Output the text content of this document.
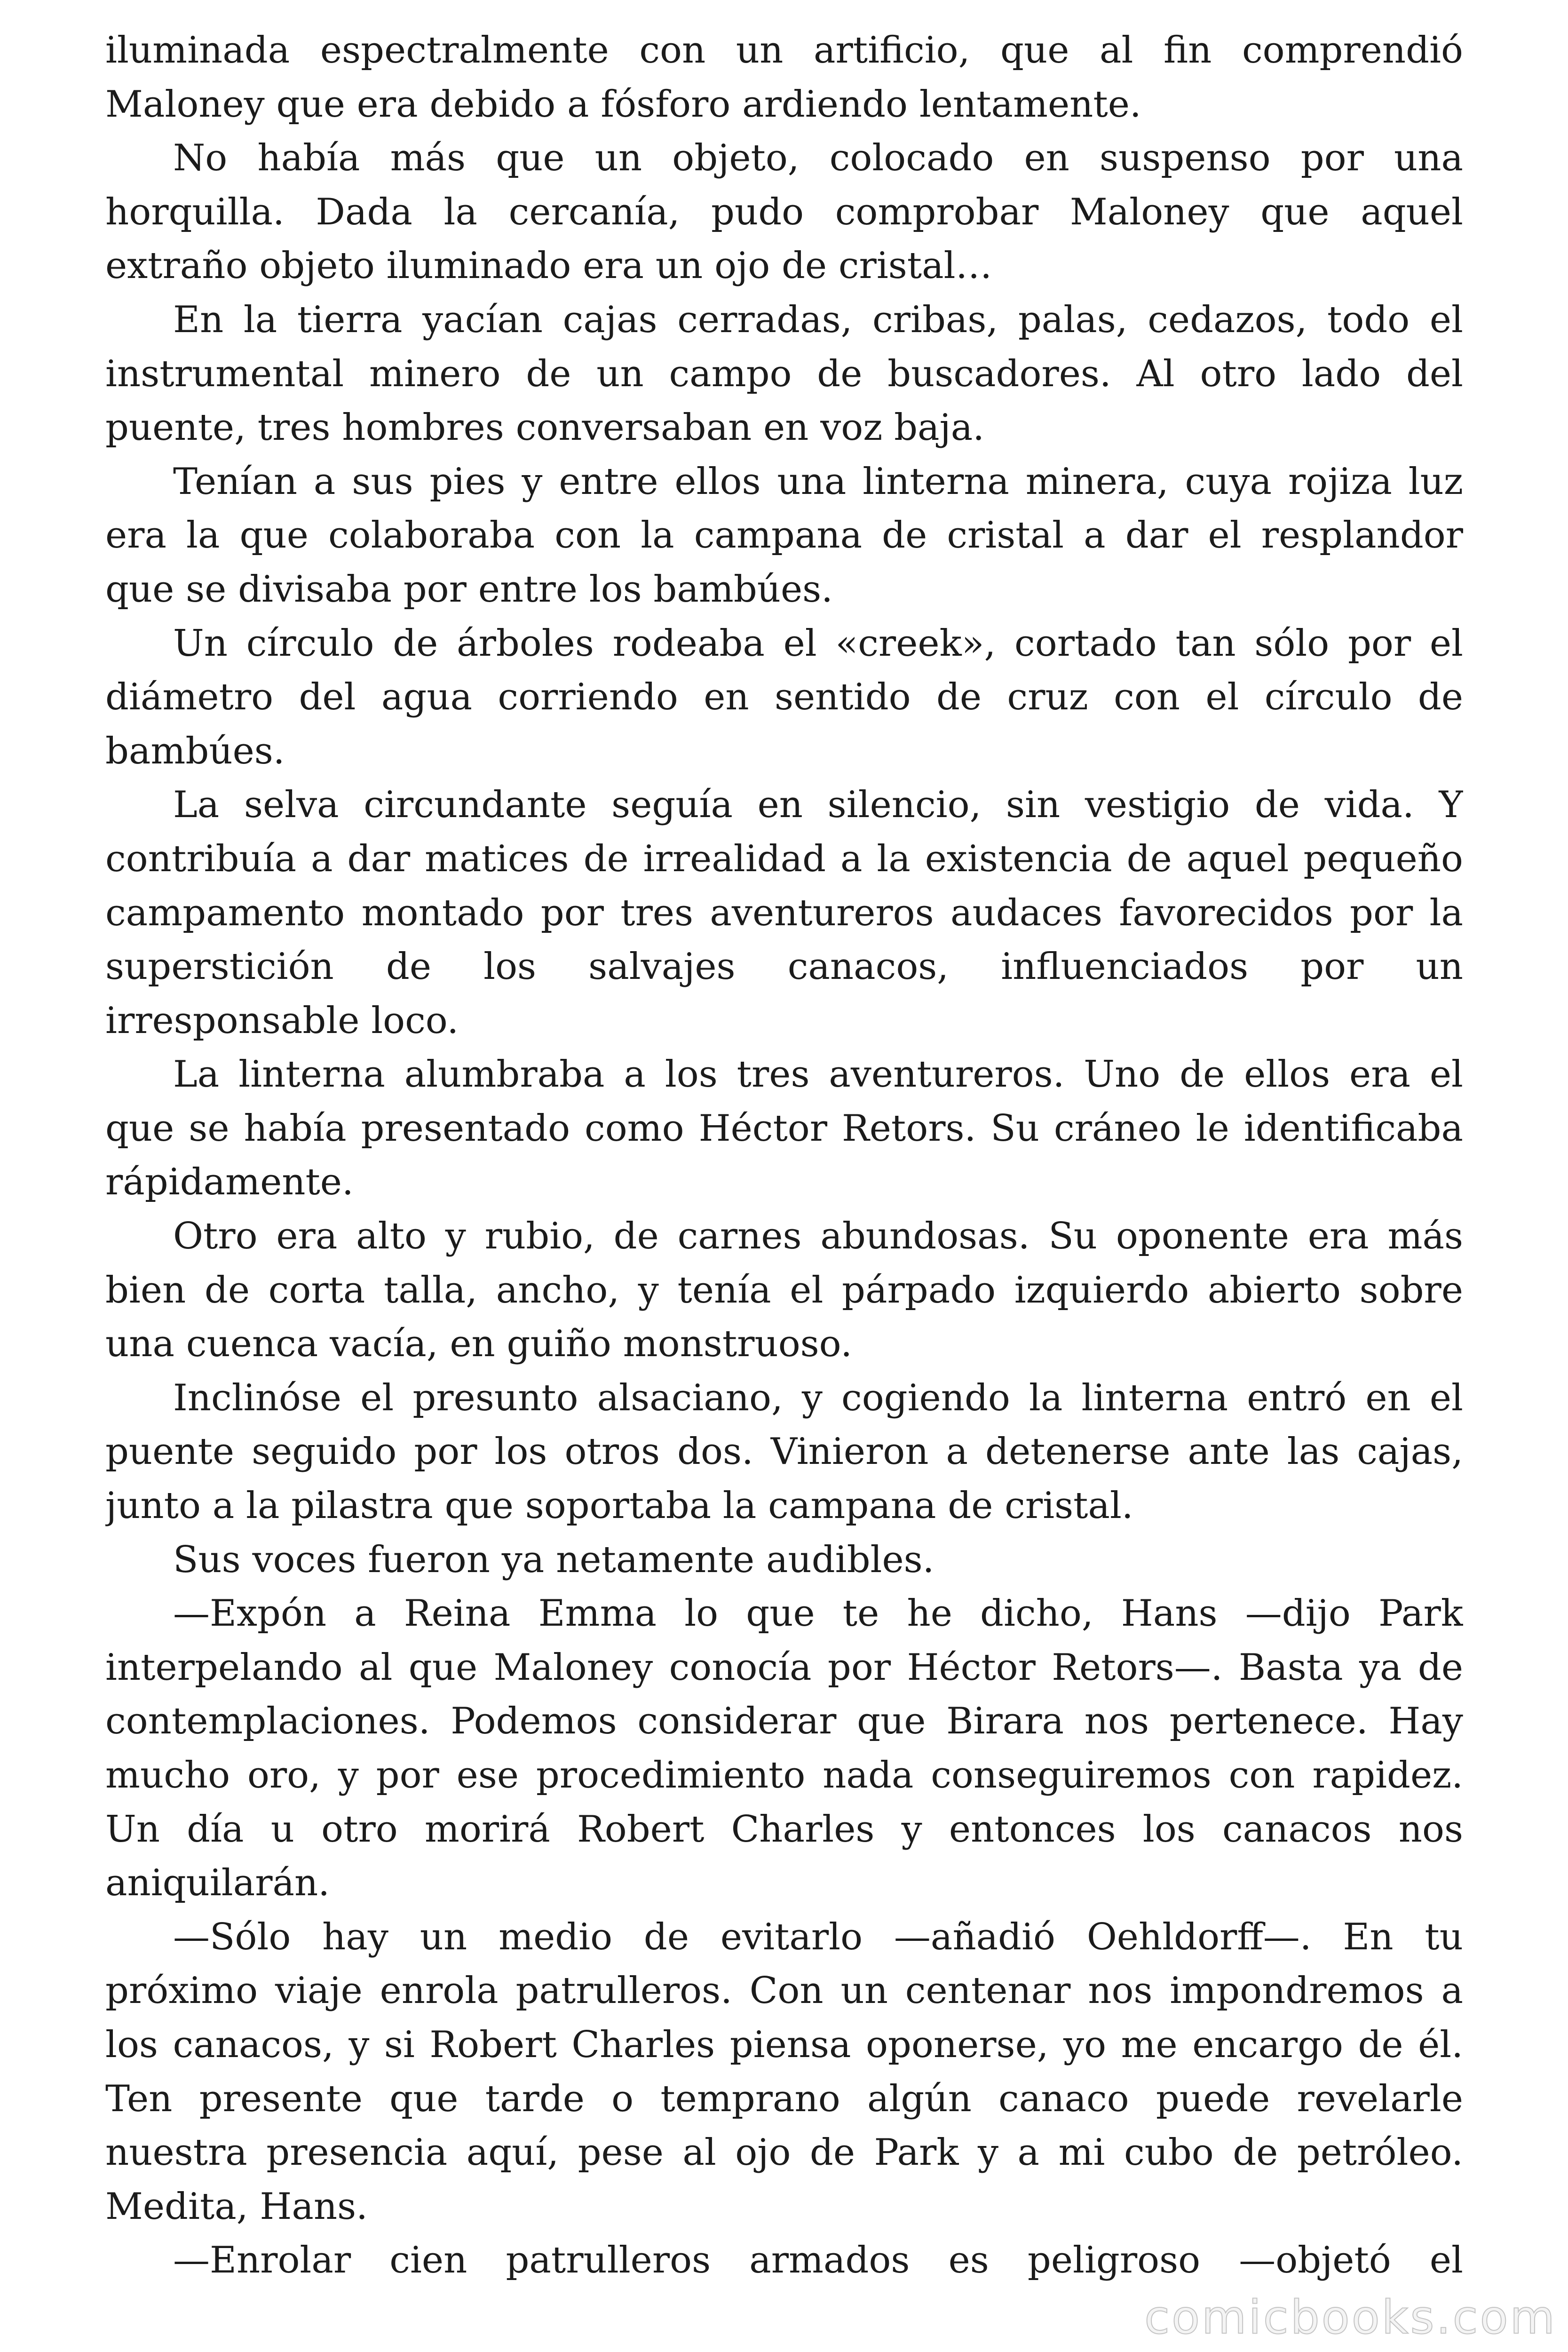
iluminada espectralmente con un artificio, que al fin comprendió
Maloney que era debido a fósforo ardiendo lentamente.
No había más que un objeto, colocado en suspenso por una
horquilla. Dada la cercanía, pudo comprobar Maloney que aquel
extraño objeto iluminado era un ojo de cristal…
En la tierra yacían cajas cerradas, cribas, palas, cedazos, todo el
instrumental minero de un campo de buscadores. Al otro lado del
puente, tres hombres conversaban en voz baja.
Tenían a sus pies y entre ellos una linterna minera, cuya rojiza luz
era la que colaboraba con la campana de cristal a dar el resplandor
que se divisaba por entre los bambúes.
Un círculo de árboles rodeaba el «creek», cortado tan sólo por el
diámetro del agua corriendo en sentido de cruz con el círculo de
bambúes.
La selva circundante seguía en silencio, sin vestigio de vida. Y
contribuía a dar matices de irrealidad a la existencia de aquel pequeño
campamento montado por tres aventureros audaces favorecidos por la
superstición de los salvajes canacos, influenciados por un
irresponsable loco.
La linterna alumbraba a los tres aventureros. Uno de ellos era el
que se había presentado como Héctor Retors. Su cráneo le identificaba
rápidamente.
Otro era alto y rubio, de carnes abundosas. Su oponente era más
bien de corta talla, ancho, y tenía el párpado izquierdo abierto sobre
una cuenca vacía, en guiño monstruoso.
Inclinóse el presunto alsaciano, y cogiendo la linterna entró en el
puente seguido por los otros dos. Vinieron a detenerse ante las cajas,
junto a la pilastra que soportaba la campana de cristal.
Sus voces fueron ya netamente audibles.
—Expón a Reina Emma lo que te he dicho, Hans —dijo Park
interpelando al que Maloney conocía por Héctor Retors—. Basta ya de
contemplaciones. Podemos considerar que Birara nos pertenece. Hay
mucho oro, y por ese procedimiento nada conseguiremos con rapidez.
Un día u otro morirá Robert Charles y entonces los canacos nos
aniquilarán.
—Sólo hay un medio de evitarlo —añadió Oehldorff—. En tu
próximo viaje enrola patrulleros. Con un centenar nos impondremos a
los canacos, y si Robert Charles piensa oponerse, yo me encargo de él.
Ten presente que tarde o temprano algún canaco puede revelarle
nuestra presencia aquí, pese al ojo de Park y a mi cubo de petróleo.
Medita, Hans.
—Enrolar cien patrulleros armados es peligroso —objetó el
comicbooks.com
